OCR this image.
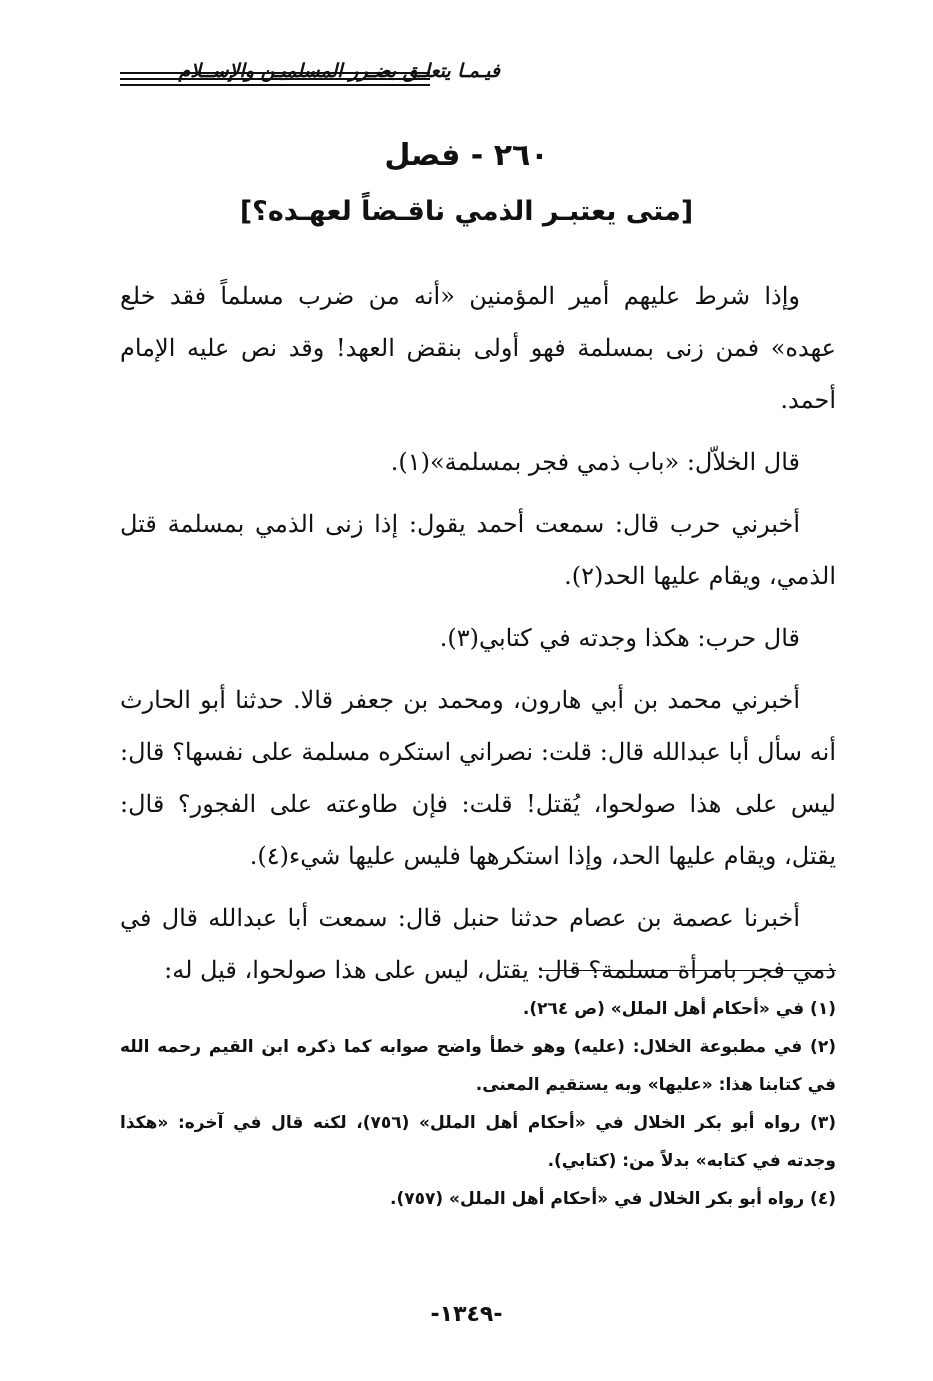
فيـمـا يتعلـق بضـرر المسلميـن والإســلام
٢٦٠ - فصل
[متى يعتبـر الذمي ناقـضاً لعهـده؟]

وإذا شرط عليهم أمير المؤمنين «أنه من ضرب مسلماً فقد خلع عهده» فمن زنى بمسلمة فهو أولى بنقض العهد! وقد نص عليه الإمام أحمد.

قال الخلاّل: «باب ذمي فجر بمسلمة»(١).

أخبرني حرب قال: سمعت أحمد يقول: إذا زنى الذمي بمسلمة قتل الذمي، ويقام عليها الحد(٢).

قال حرب: هكذا وجدته في كتابي(٣).

أخبرني محمد بن أبي هارون، ومحمد بن جعفر قالا. حدثنا أبو الحارث أنه سأل أبا عبدالله قال: قلت: نصراني استكره مسلمة على نفسها؟ قال: ليس على هذا صولحوا، يُقتل! قلت: فإن طاوعته على الفجور؟ قال: يقتل، ويقام عليها الحد، وإذا استكرهها فليس عليها شيء(٤).

أخبرنا عصمة بن عصام حدثنا حنبل قال: سمعت أبا عبدالله قال في ذمي فجر بامرأة مسلمة؟ قال: يقتل، ليس على هذا صولحوا، قيل له:

(١) في «أحكام أهل الملل» (ص ٢٦٤).

(٢) في مطبوعة الخلال: (عليه) وهو خطأ واضح صوابه كما ذكره ابن القيم رحمه الله في كتابنا هذا: «عليها» وبه يستقيم المعنى.

(٣) رواه أبو بكر الخلال في «أحكام أهل الملل» (٧٥٦)، لكنه قال في آخره: «هكذا وجدته في كتابه» بدلاً من: (كتابي).

(٤) رواه أبو بكر الخلال في «أحكام أهل الملل» (٧٥٧).

-١٣٤٩-
